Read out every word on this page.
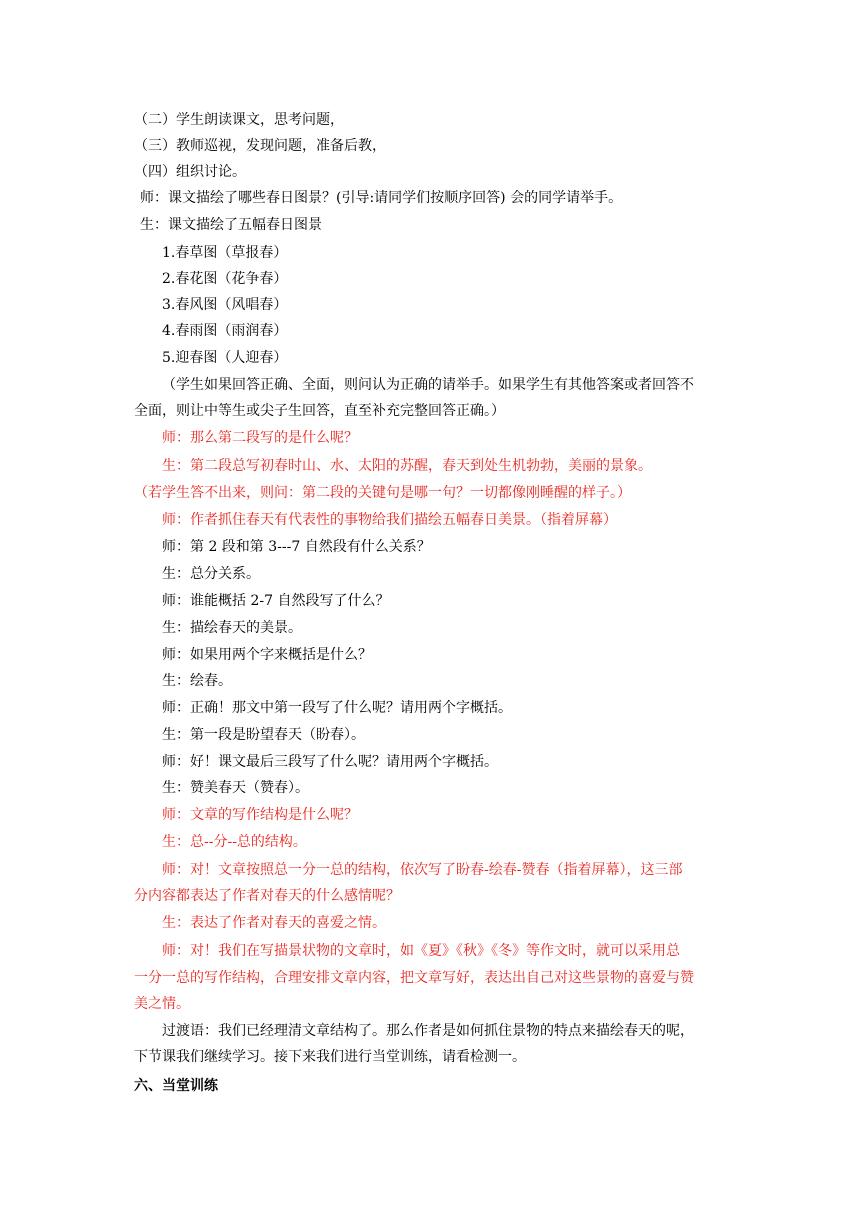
（二）学生朗读课文，思考问题，
（三）教师巡视，发现问题，准备后教，
（四）组织讨论。
师：课文描绘了哪些春日图景？(引导:请同学们按顺序回答) 会的同学请举手。
生：课文描绘了五幅春日图景
1.春草图（草报春）
2.春花图（花争春）
3.春风图（风唱春）
4.春雨图（雨润春）
5.迎春图（人迎春）
（学生如果回答正确、全面，则问认为正确的请举手。如果学生有其他答案或者回答不
全面，则让中等生或尖子生回答，直至补充完整回答正确。）
师：那么第二段写的是什么呢？
生：第二段总写初春时山、水、太阳的苏醒，春天到处生机勃勃，美丽的景象。
（若学生答不出来，则问：第二段的关键句是哪一句？一切都像刚睡醒的样子。）
师：作者抓住春天有代表性的事物给我们描绘五幅春日美景。（指着屏幕）
师：第 2 段和第 3---7 自然段有什么关系？
生：总分关系。
师：谁能概括 2-7 自然段写了什么？
生：描绘春天的美景。
师：如果用两个字来概括是什么？
生：绘春。
师：正确！那文中第一段写了什么呢？请用两个字概括。
生：第一段是盼望春天（盼春）。
师：好！课文最后三段写了什么呢？请用两个字概括。
生：赞美春天（赞春）。
师：文章的写作结构是什么呢？
生：总--分--总的结构。
师：对！文章按照总一分一总的结构，依次写了盼春-绘春-赞春（指着屏幕），这三部
分内容都表达了作者对春天的什么感情呢？
生：表达了作者对春天的喜爱之情。
师：对！我们在写描景状物的文章时，如《夏》《秋》《冬》等作文时，就可以采用总
一分一总的写作结构，合理安排文章内容，把文章写好，表达出自己对这些景物的喜爱与赞
美之情。
过渡语：我们已经理清文章结构了。那么作者是如何抓住景物的特点来描绘春天的呢，
下节课我们继续学习。接下来我们进行当堂训练，请看检测一。
六、当堂训练
